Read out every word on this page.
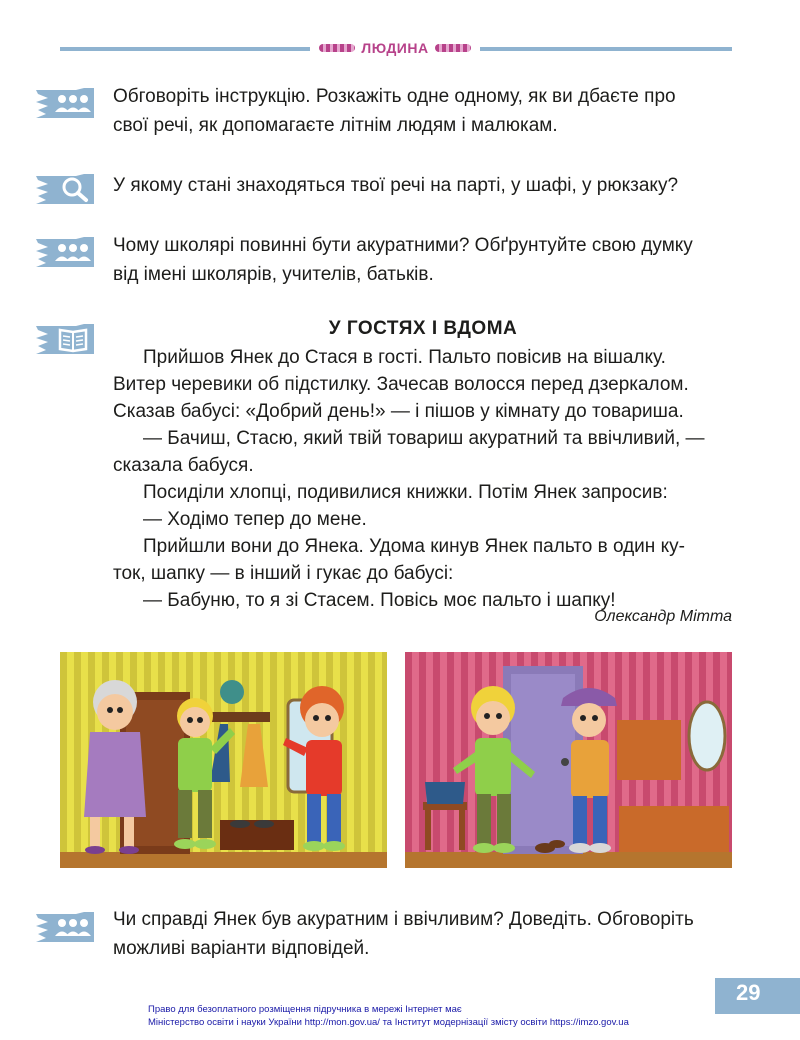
ЛЮДИНА
Обговоріть інструкцію. Розкажіть одне одному, як ви дбаєте про
свої речі, як допомагаєте літнім людям і малюкам.
У якому стані знаходяться твої речі на парті, у шафі, у рюкзаку?
Чому школярі повинні бути акуратними? Обґрунтуйте свою думку
від імені школярів, учителів, батьків.
У ГОСТЯХ І ВДОМА
Прийшов Янек до Стася в гості. Пальто повісив на вішалку.
Витер черевики об підстилку. Зачесав волосся перед дзеркалом.
Сказав бабусі: «Добрий день!» — і пішов у кімнату до товариша.
— Бачиш, Стасю, який твій товариш акуратний та ввічливий, —
сказала бабуся.
Посиділи хлопці, подивилися книжки. Потім Янек запросив:
— Ходімо тепер до мене.
Прийшли вони до Янека. Удома кинув Янек пальто в один ку-
ток, шапку — в інший і гукає до бабусі:
— Бабуню, то я зі Стасем. Повісь моє пальто і шапку!
Олександр Мітта
Чи справді Янек був акуратним і ввічливим? Доведіть. Обговоріть
можливі варіанти відповідей.
29
Право для безоплатного розміщення підручника в мережі Інтернет має
Міністерство освіти і науки України http://mon.gov.ua/ та Інститут модернізації змісту освіти https://imzo.gov.ua
